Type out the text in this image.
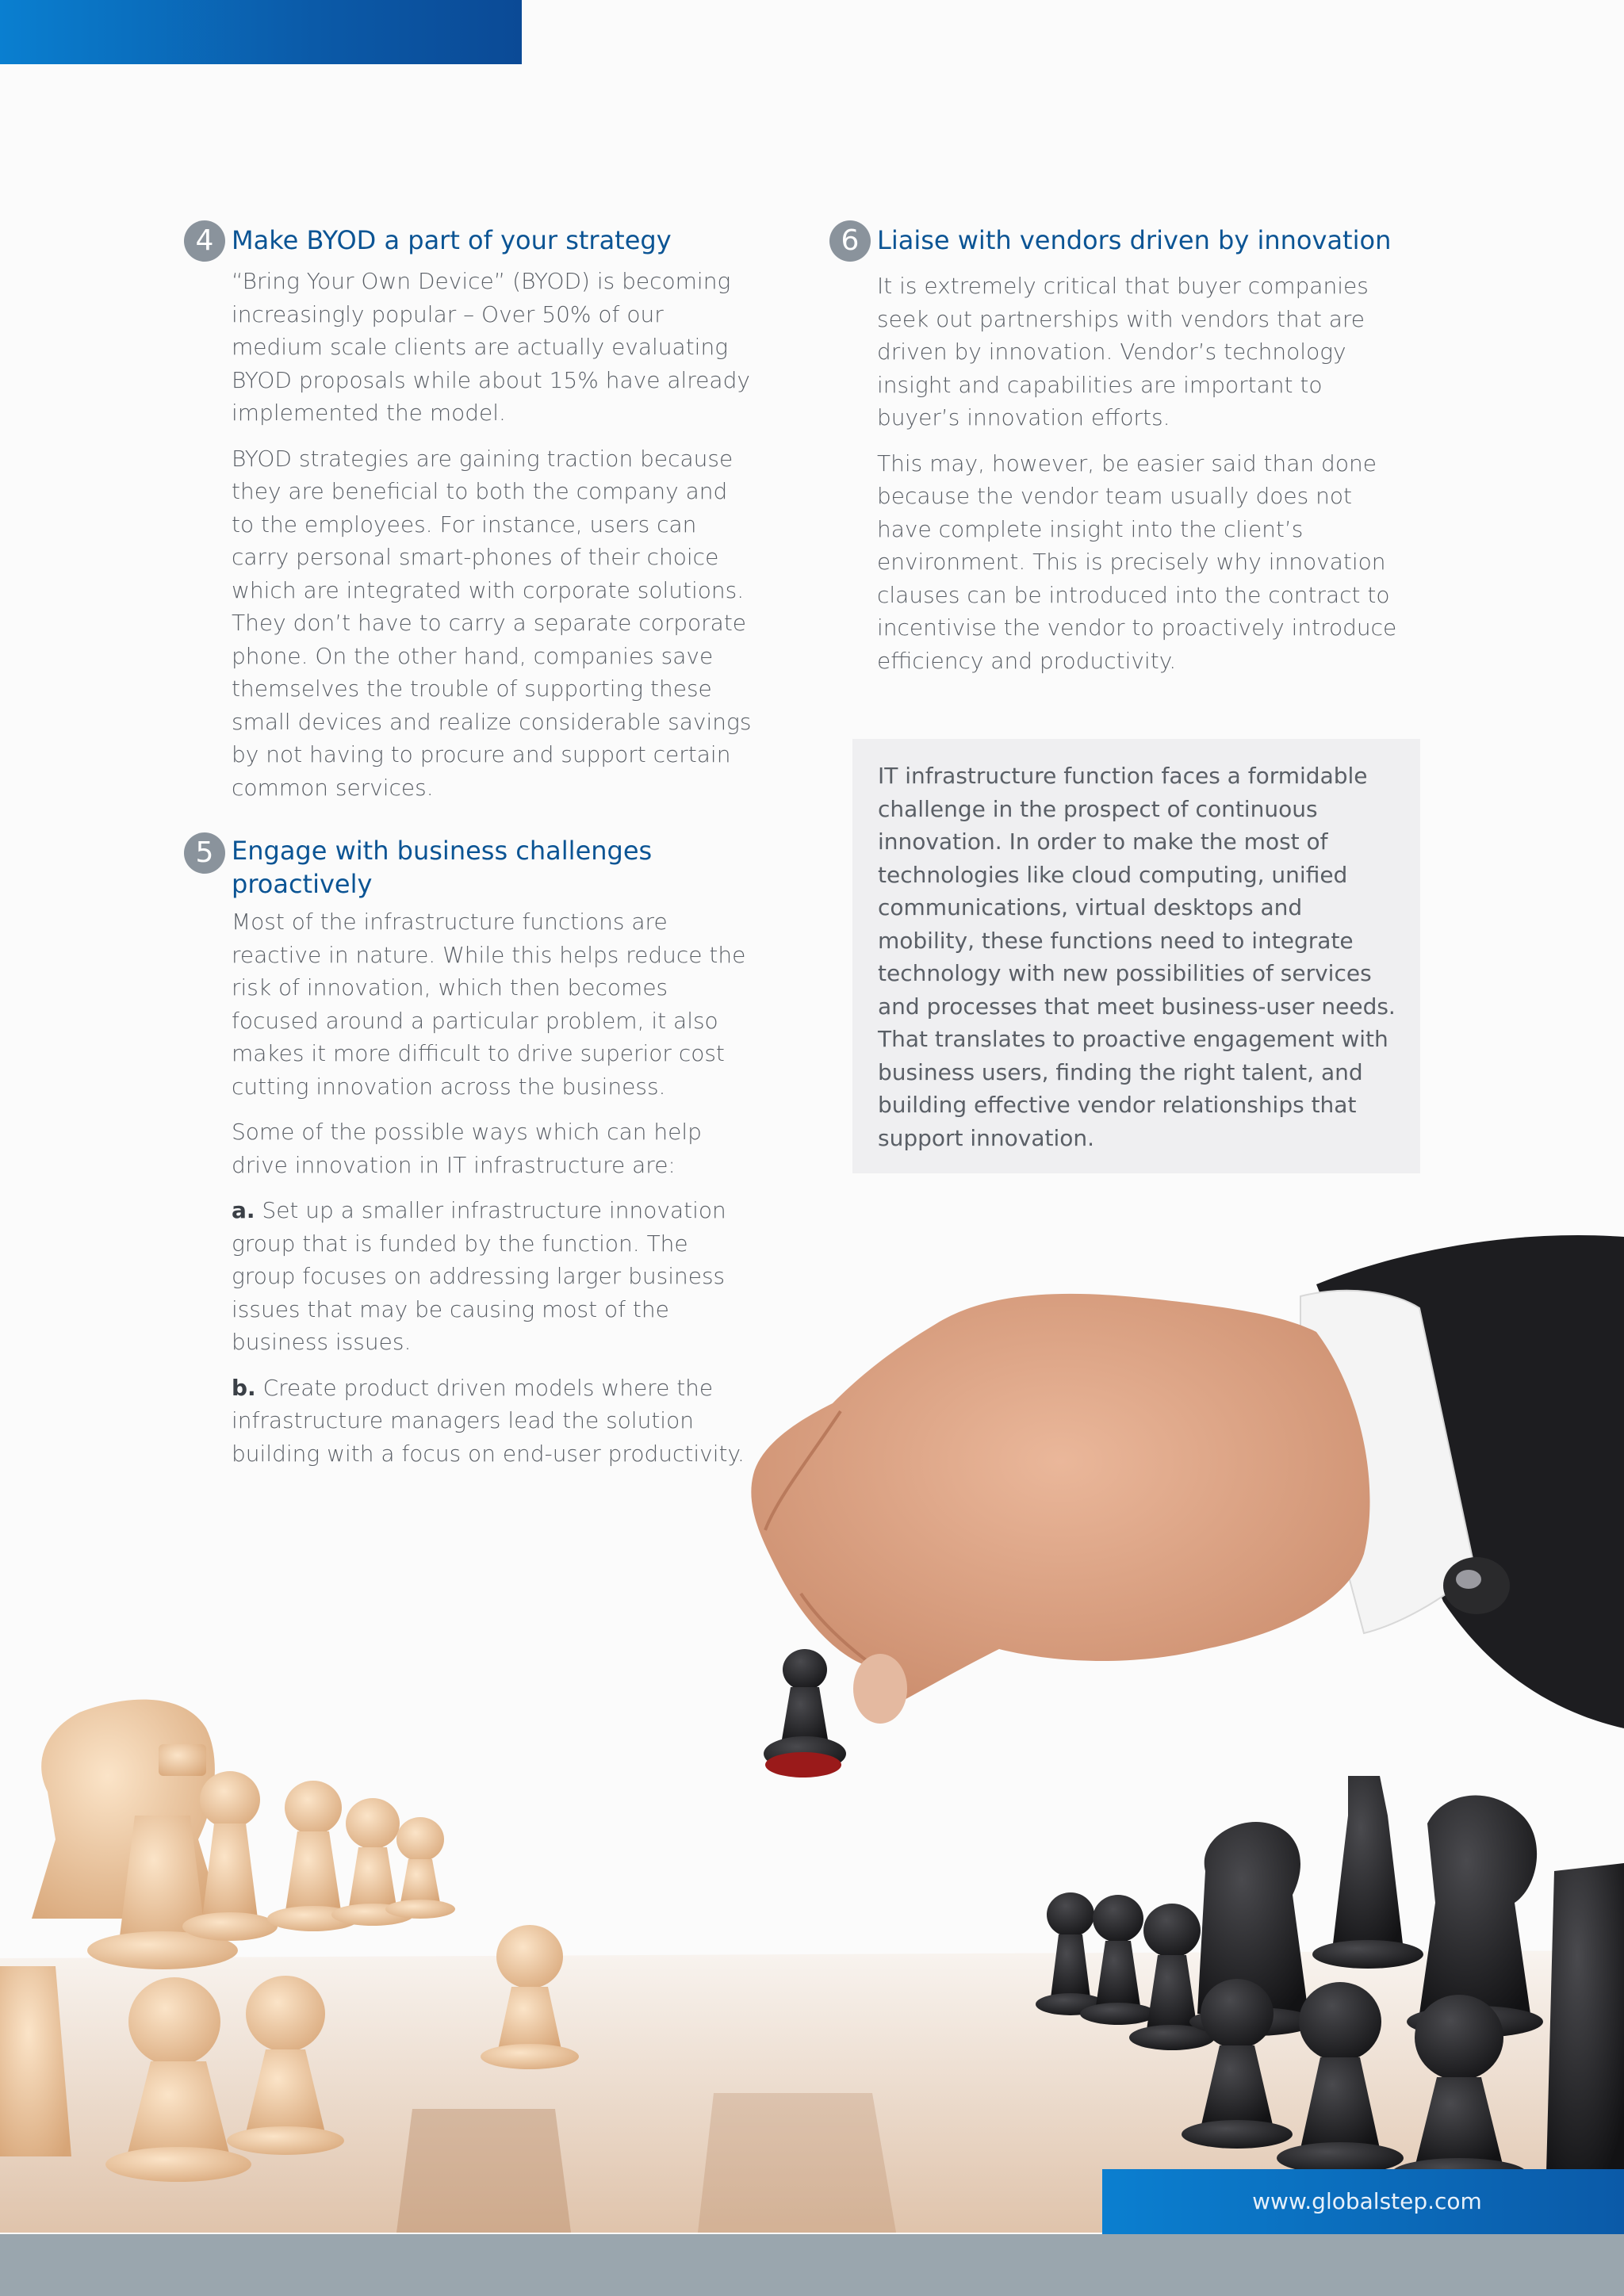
4 Make BYOD a part of your strategy

“Bring Your Own Device” (BYOD) is becoming increasingly popular – Over 50% of our medium scale clients are actually evaluating BYOD proposals while about 15% have already implemented the model.

BYOD strategies are gaining traction because they are beneficial to both the company and to the employees. For instance, users can carry personal smart-phones of their choice which are integrated with corporate solutions. They don’t have to carry a separate corporate phone. On the other hand, companies save themselves the trouble of supporting these small devices and realize considerable savings by not having to procure and support certain common services.

5 Engage with business challenges proactively

Most of the infrastructure functions are reactive in nature. While this helps reduce the risk of innovation, which then becomes focused around a particular problem, it also makes it more difficult to drive superior cost cutting innovation across the business.

Some of the possible ways which can help drive innovation in IT infrastructure are:

a. Set up a smaller infrastructure innovation group that is funded by the function. The group focuses on addressing larger business issues that may be causing most of the business issues.

b. Create product driven models where the infrastructure managers lead the solution building with a focus on end-user productivity.

6 Liaise with vendors driven by innovation

It is extremely critical that buyer companies seek out partnerships with vendors that are driven by innovation. Vendor’s technology insight and capabilities are important to buyer’s innovation efforts.

This may, however, be easier said than done because the vendor team usually does not have complete insight into the client’s environment. This is precisely why innovation clauses can be introduced into the contract to incentivise the vendor to proactively introduce efficiency and productivity.

IT infrastructure function faces a formidable challenge in the prospect of continuous innovation. In order to make the most of technologies like cloud computing, unified communications, virtual desktops and mobility, these functions need to integrate technology with new possibilities of services and processes that meet business-user needs. That translates to proactive engagement with business users, finding the right talent, and building effective vendor relationships that support innovation.

www.globalstep.com
